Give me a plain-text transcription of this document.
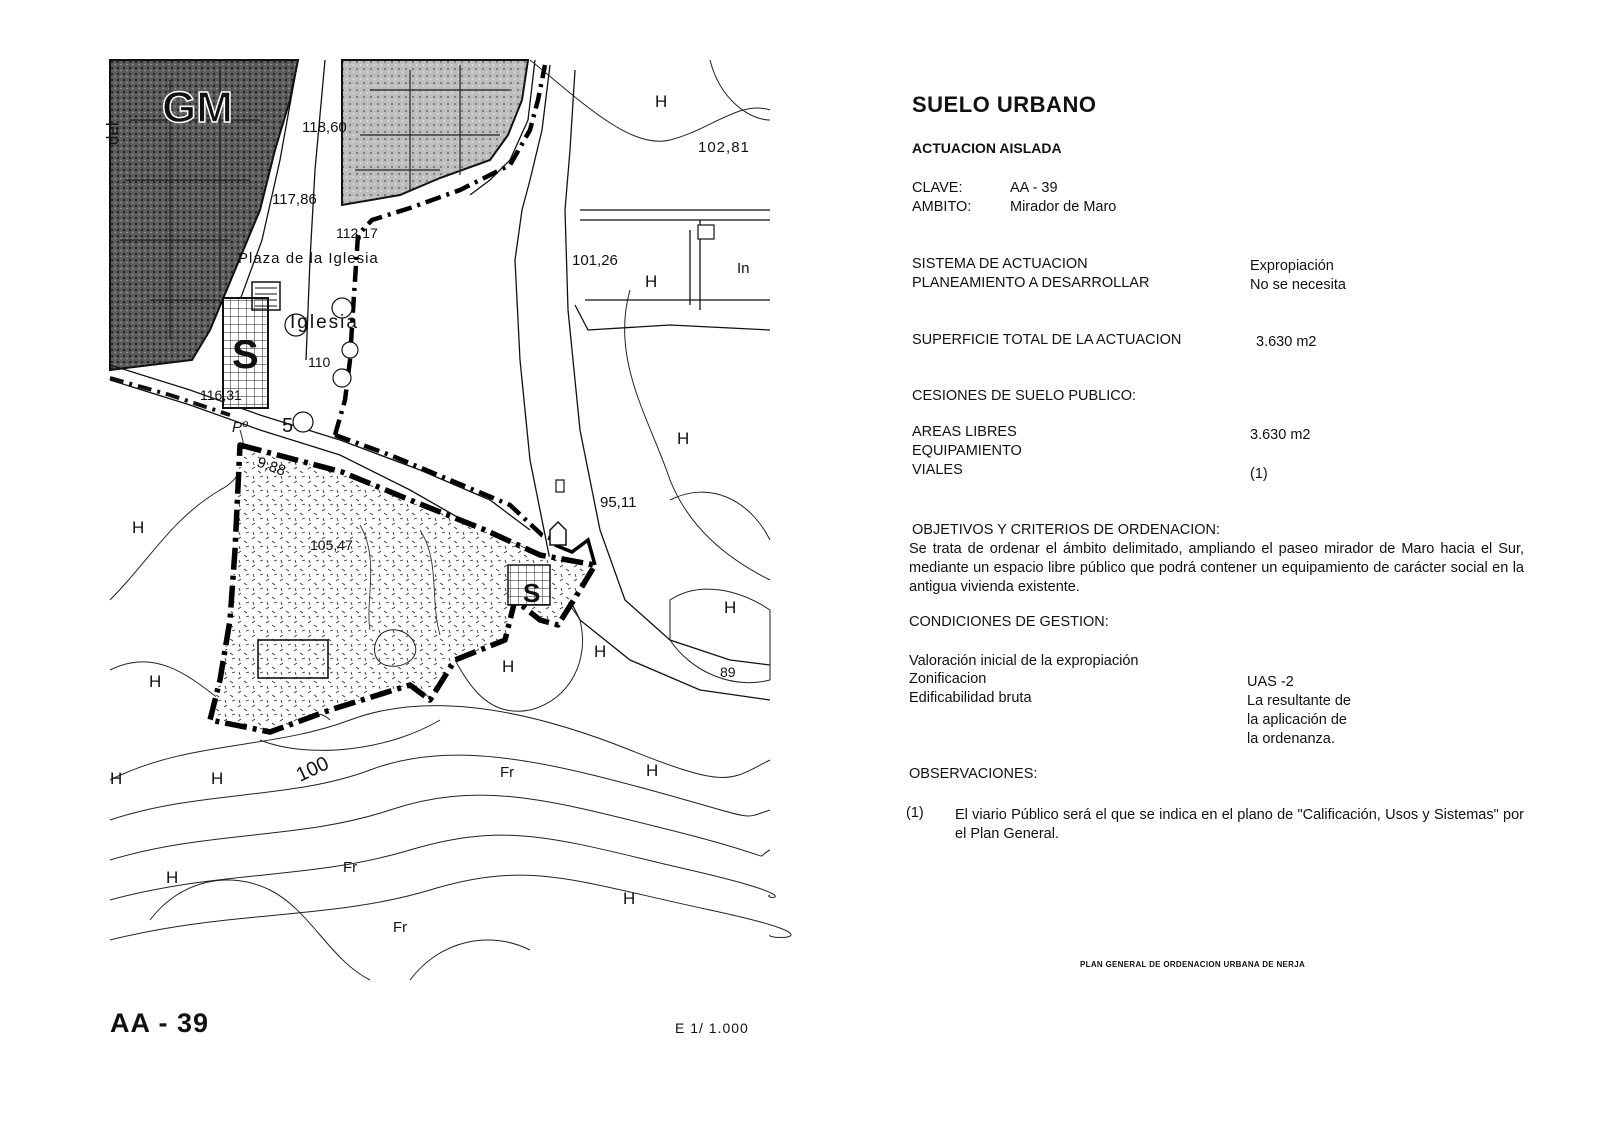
GM
del	118,60
117,86
112,17
Plaza de la Iglesia
Iglesia
110
116,31
Pº 5
9,88
S
S
105,47
102,81
101,26
95,11
89
In
100
H
H
H
H
H
H
H
H
H	H	H
H
H
Fr
Fr
Fr
AA - 39	E 1/ 1.000
SUELO URBANO
ACTUACION AISLADA
CLAVE:	AA - 39
AMBITO:	Mirador de Maro
SISTEMA DE ACTUACION	Expropiación
PLANEAMIENTO A DESARROLLAR	No se necesita
SUPERFICIE TOTAL DE LA ACTUACION	3.630 m2
CESIONES DE SUELO PUBLICO:
AREAS LIBRES	3.630 m2
EQUIPAMIENTO
VIALES	(1)
OBJETIVOS Y CRITERIOS DE ORDENACION:
Se trata de ordenar el ámbito delimitado, ampliando el paseo mirador de Maro hacia el Sur, mediante un espacio libre público que podrá contener un equipamiento de carácter social en la antigua vivienda existente.
CONDICIONES DE GESTION:
Valoración inicial de la expropiación
Zonificacion	UAS -2
Edificabilidad bruta	La resultante de
la aplicación de
la ordenanza.
OBSERVACIONES:
(1) El viario Público será el que se indica en el plano de "Calificación, Usos y Sistemas" por el Plan General.
PLAN GENERAL DE ORDENACION URBANA DE NERJA
